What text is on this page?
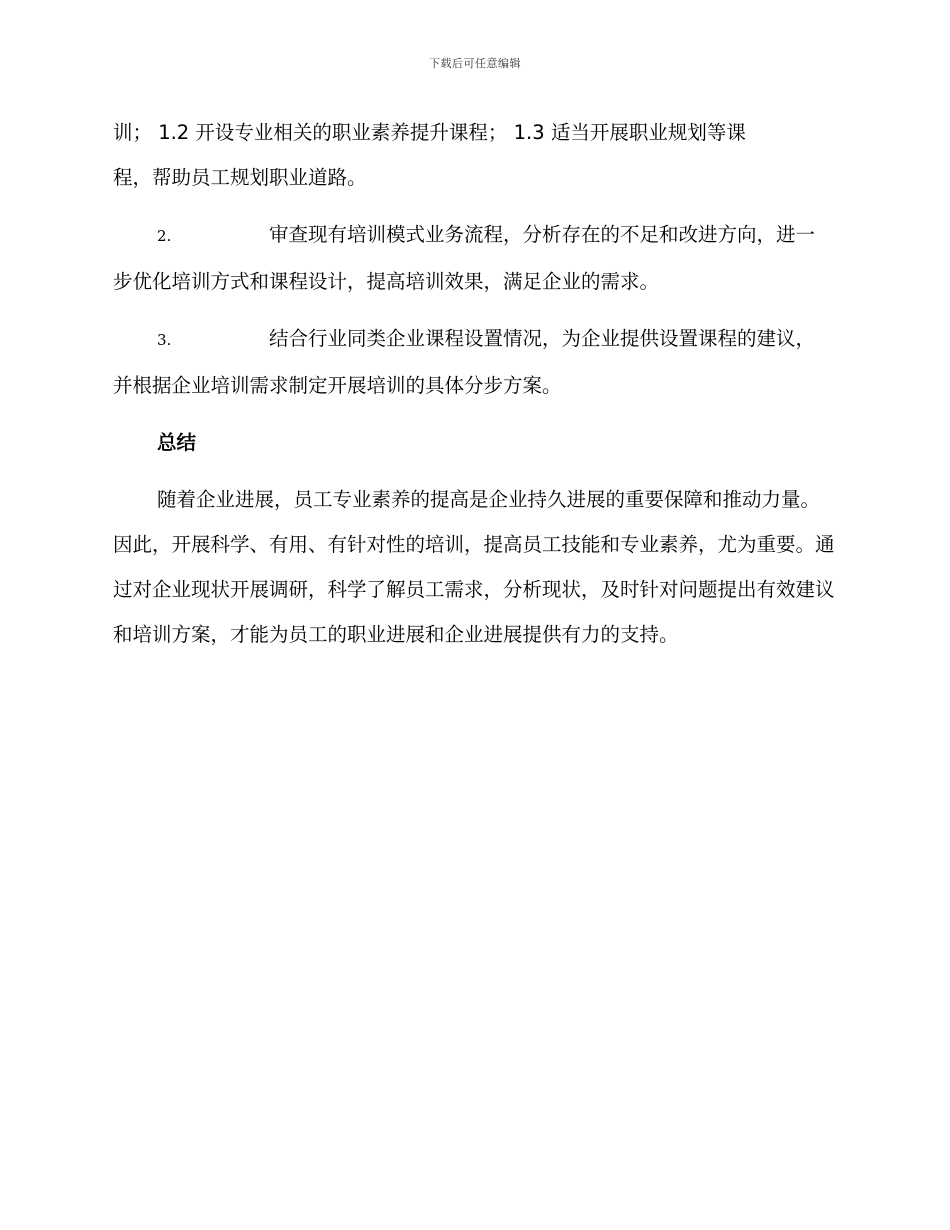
下载后可任意编辑
训； 1.2 开设专业相关的职业素养提升课程； 1.3 适当开展职业规划等课
程，帮助员工规划职业道路。
2.	审查现有培训模式业务流程，分析存在的不足和改进方向，进一
步优化培训方式和课程设计，提高培训效果，满足企业的需求。
3.	结合行业同类企业课程设置情况，为企业提供设置课程的建议，
并根据企业培训需求制定开展培训的具体分步方案。
总结
随着企业进展，员工专业素养的提高是企业持久进展的重要保障和推动力量。因此，开展科学、有用、有针对性的培训，提高员工技能和专业素养，尤为重要。通过对企业现状开展调研，科学了解员工需求，分析现状，及时针对问题提出有效建议和培训方案，才能为员工的职业进展和企业进展提供有力的支持。
